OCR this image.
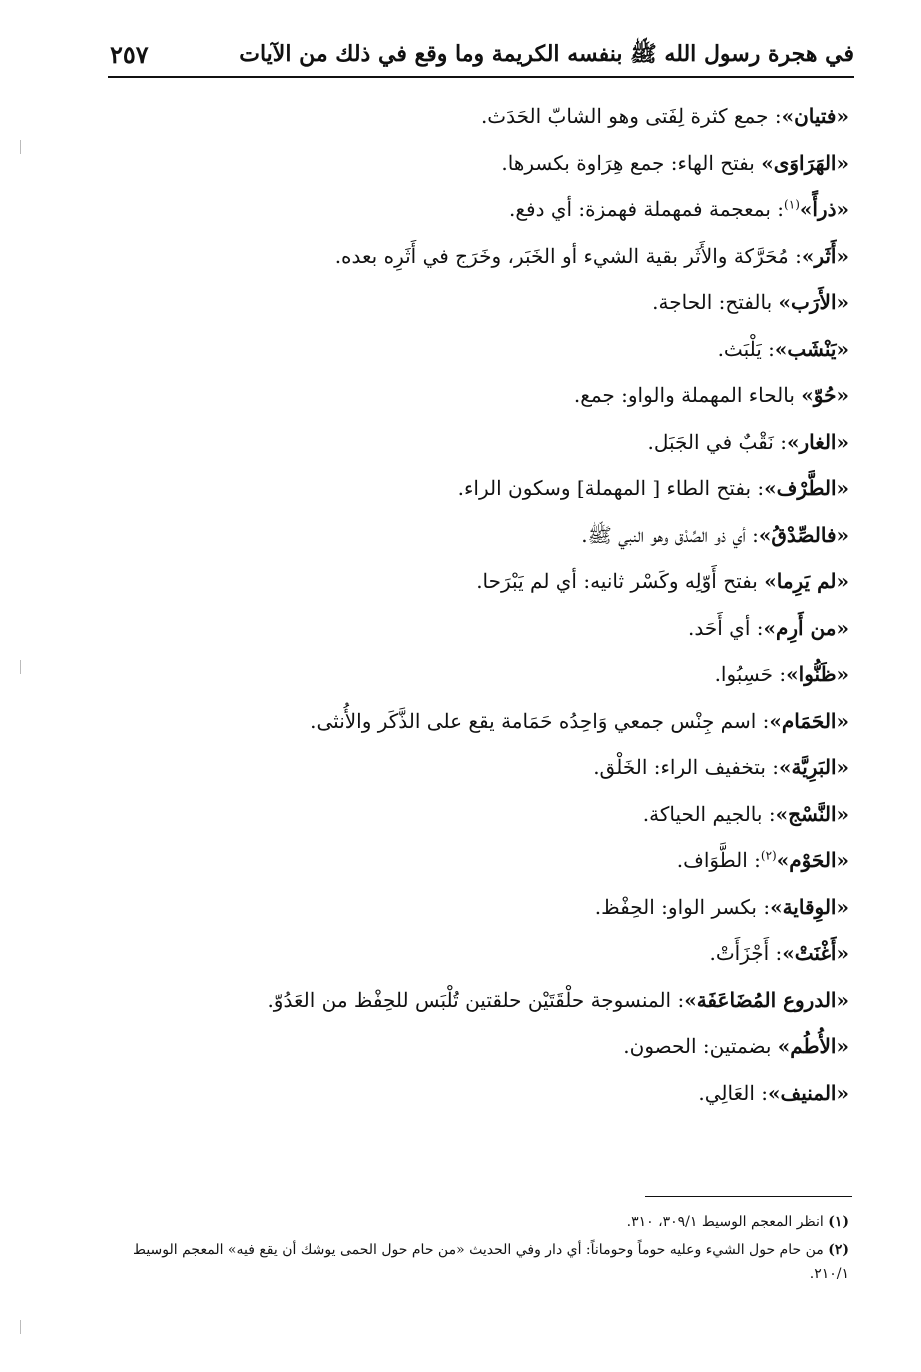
في هجرة رسول الله ﷺ بنفسه الكريمة وما وقع في ذلك من الآيات
٢٥٧
«فتيان»: جمع كثرة لِفَتى وهو الشابّ الحَدَث.
«الهَرَاوَى» بفتح الهاء: جمع هِرَاوة بكسرها.
«ذرأً»$^{(١)}$: بمعجمة فمهملة فهمزة: أي دفع.
«أَثَر»: مُحَرَّكة والأَثَر بقية الشيء أو الخَبَر، وخَرَج في أَثَرِه بعده.
«الأَرَب» بالفتح: الحاجة.
«يَنْشَب»: يَلْبَث.
«حُوّ» بالحاء المهملة والواو: جمع.
«الغار»: نَقْبٌ في الجَبَل.
«الطَّرْف»: بفتح الطاء [ المهملة] وسكون الراء.
«فالصِّدْقُ»: أي ذو الصِّدْق وهو النبي ﷺ.
«لم يَرِما» بفتح أَوّلِه وكَسْر ثانيه: أي لم يَبْرَحا.
«من أَرِم»: أي أَحَد.
«ظَنُّوا»: حَسِبُوا.
«الحَمَام»: اسم جِنْس جمعي وَاحِدُه حَمَامة يقع على الذَّكَر والأُنثى.
«البَرِيَّة»: بتخفيف الراء: الخَلْق.
«النَّسْج»: بالجيم الحياكة.
«الحَوْم»$^{(٢)}$: الطَّوَاف.
«الوِقاية»: بكسر الواو: الحِفْظ.
«أَغْنَتْ»: أَجْزَأَتْ.
«الدروع المُضَاعَفَة»: المنسوجة حلْقَتَيْن حلقتين تُلْبَس للحِفْظ من العَدُوّ.
«الأُطُم» بضمتين: الحصون.
«المنيف»: العَالِي.
(١) انظر المعجم الوسيط ٣٠٩/١، ٣١٠.
(٢) من حام حول الشيء وعليه حوماً وحوماناً: أي دار وفي الحديث «من حام حول الحمى يوشك أن يقع فيه» المعجم الوسيط ٢١٠/١.
